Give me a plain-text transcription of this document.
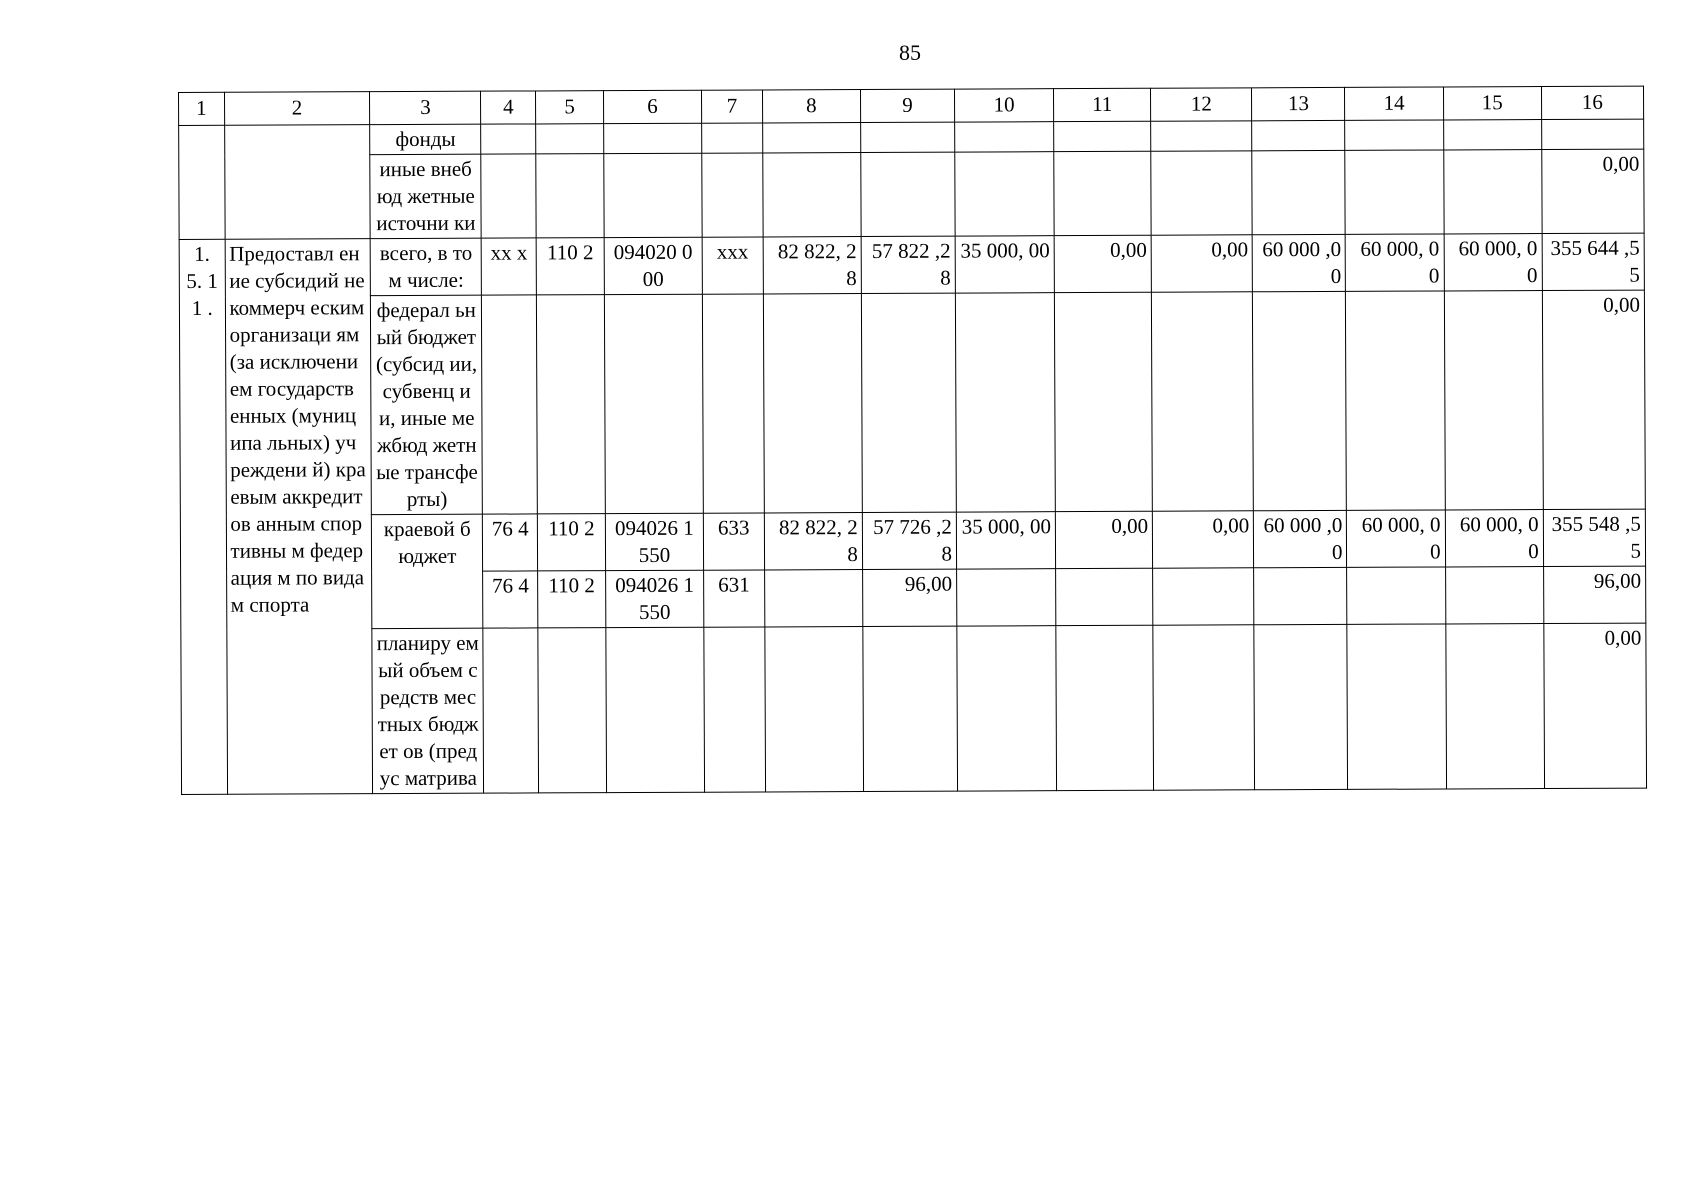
85
1	2	3	4	5	6	7	8	9	10	11	12	13	14	15	16
		фонды													
		иные внебюд жетные источни ки													0,00
1. 5. 11 .	Предоставл ение субсидий некоммерч еским организаци ям (за исключени ем государств енных (муниципа льных) учреждени й) краевым аккредитов анным спортивны м федерация м по видам спорта	всего, в том числе:	xx x	110 2	094020 000	xxx	82 822, 28	57 822 ,28	35 000, 00	0,00	0,00	60 000 ,00	60 000, 00	60 000, 00	355 644 ,55
		федерал ьный бюджет (субсид ии, субвенц ии, иные межбюд жетные трансфе рты)													0,00
		краевой бюджет	76 4	110 2	094026 1550	633	82 822, 28	57 726 ,28	35 000, 00	0,00	0,00	60 000 ,00	60 000, 00	60 000, 00	355 548 ,55
			76 4	110 2	094026 1550	631		96,00							96,00
		планиру емый объем средств местных бюджет ов (предус матрива													0,00
